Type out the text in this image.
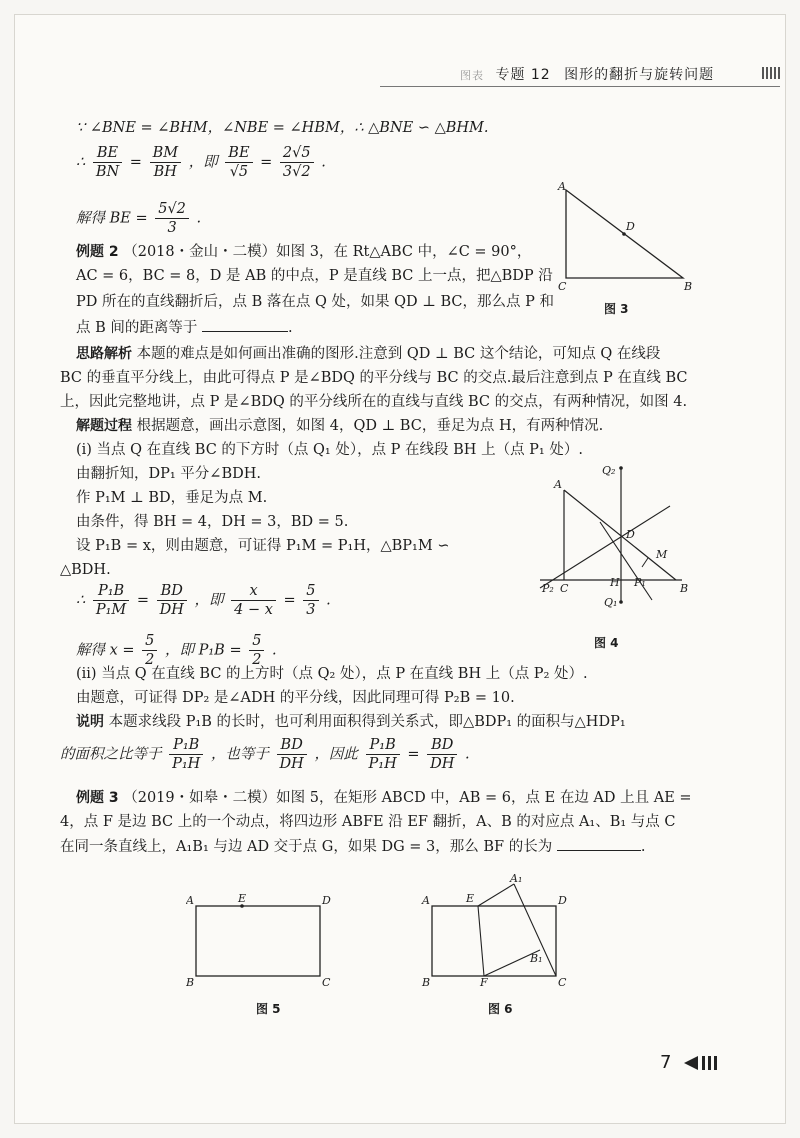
图表 专题 12 图形的翻折与旋转问题
∵ ∠BNE = ∠BHM，∠NBE = ∠HBM，∴ △BNE ∽ △BHM.
∴ $\frac{BE}{BN} = \frac{BM}{BH}$ ，即 $\frac{BE}{√5} = \frac{2√5}{3√2}$ .
解得 BE = $\frac{5√2}{3}$ .
例题 2 （2018・金山・二模）如图 3，在 Rt△ABC 中，∠C = 90°，
AC = 6，BC = 8，D 是 AB 的中点，P 是直线 BC 上一点，把△BDP 沿
PD 所在的直线翻折后，点 B 落在点 Q 处，如果 QD ⊥ BC，那么点 P 和
点 B 间的距离等于	.
A
D
C	B
图 3
思路解析 本题的难点是如何画出准确的图形.注意到 QD ⊥ BC 这个结论，可知点 Q 在线段
BC 的垂直平分线上，由此可得点 P 是∠BDQ 的平分线与 BC 的交点.最后注意到点 P 在直线 BC
上，因此完整地讲，点 P 是∠BDQ 的平分线所在的直线与直线 BC 的交点，有两种情况，如图 4.
解题过程 根据题意，画出示意图，如图 4，QD ⊥ BC，垂足为点 H，有两种情况.
(i) 当点 Q 在直线 BC 的下方时（点 Q₁ 处），点 P 在线段 BH 上（点 P₁ 处）.
由翻折知，DP₁ 平分∠BDH.
作 P₁M ⊥ BD，垂足为点 M.
由条件，得 BH = 4，DH = 3，BD = 5.
设 P₁B = x，则由题意，可证得 P₁M = P₁H，△BP₁M ∽
△BDH.
∴ $\frac{\text{P₁B}}{\text{P₁M}} = \frac{BD}{DH}$ ，即 $\frac{x}{4 - x} = \frac{5}{3}$ .
解得 $x = \frac{5}{2}$ ，即 $P_1B = \frac{5}{2}$ .
Q₂
A
D
M
P₂ C	H P₁	B
Q₁
图 4
(ii) 当点 Q 在直线 BC 的上方时（点 Q₂ 处），点 P 在直线 BH 上（点 P₂ 处）.
由题意，可证得 DP₂ 是∠ADH 的平分线，因此同理可得 P₂B = 10.
说明 本题求线段 P₁B 的长时，也可利用面积得到关系式，即△BDP₁ 的面积与△HDP₁
的面积之比等于 $\frac{\text{P₁B}}{\text{P₁H}}$ ，也等于 $\frac{BD}{DH}$ ，因此 $\frac{\text{P₁B}}{\text{P₁H}} = \frac{BD}{DH}$ .
例题 3 （2019・如皋・二模）如图 5，在矩形 ABCD 中，AB = 6，点 E 在边 AD 上且 AE =
4，点 F 是边 BC 上的一个动点，将四边形 ABFE 沿 EF 翻折，A、B 的对应点 A₁、B₁ 与点 C
在同一条直线上，A₁B₁ 与边 AD 交于点 G，如果 DG = 3，那么 BF 的长为	.
A	E	D
B	C
图 5
A₁
A	E	D
B₁
B	F	C
图 6
7
